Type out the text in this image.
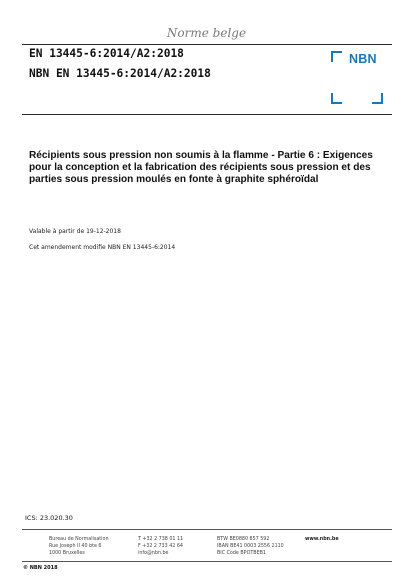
Norme belge
EN 13445-6:2014/A2:2018
NBN EN 13445-6:2014/A2:2018
NBN
Récipients sous pression non soumis à la flamme - Partie 6 : Exigences pour la conception et la fabrication des récipients sous pression et des parties sous pression moulés en fonte à graphite sphéroïdal
Valable à partir de 19-12-2018
Cet amendement modifie NBN EN 13445-6:2014
ICS: 23.020.30
Bureau de Normalisation
Rue Joseph II 40 bte 6
1000 Bruxelles
T +32 2 738 01 11
F +32 2 733 42 64
info@nbn.be
BTW BE0880 857 592
IBAN BE41 0003 2556 2110
BIC Code BPOTBEB1
www.nbn.be
© NBN 2018
